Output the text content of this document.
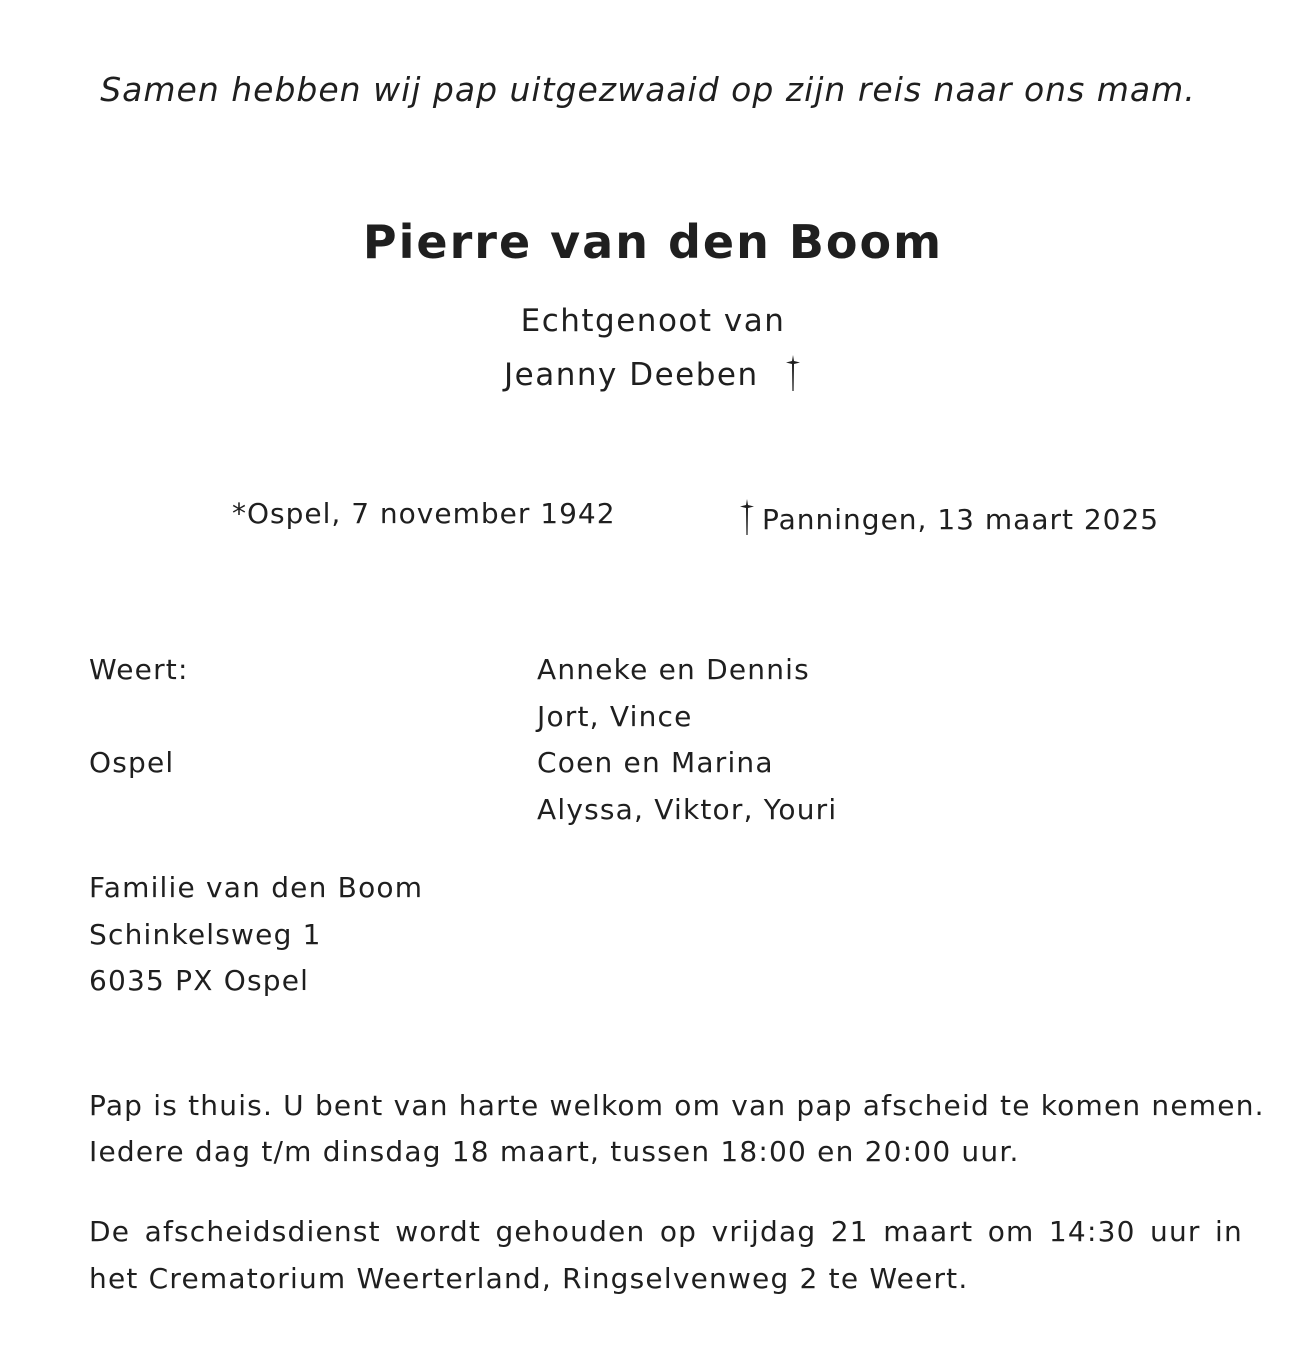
Samen hebben wij pap uitgezwaaid op zijn reis naar ons mam.
Pierre van den Boom
Echtgenoot van
Jeanny Deeben
*Ospel, 7 november 1942	Panningen, 13 maart 2025
Weert:	Anneke en Dennis
Jort, Vince
Ospel	Coen en Marina
Alyssa, Viktor, Youri
Familie van den Boom
Schinkelsweg 1
6035 PX Ospel
Pap is thuis. U bent van harte welkom om van pap afscheid te komen nemen.
Iedere dag t/m dinsdag 18 maart, tussen 18:00 en 20:00 uur.
De afscheidsdienst wordt gehouden op vrijdag 21 maart om 14:30 uur in het Crematorium Weerterland, Ringselvenweg 2 te Weert.
